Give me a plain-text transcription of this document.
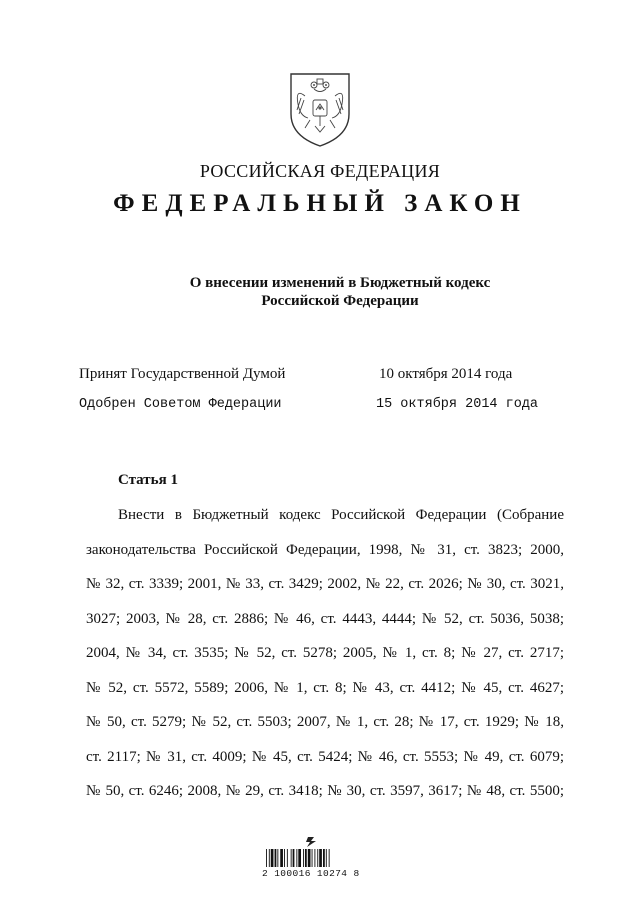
РОССИЙСКАЯ ФЕДЕРАЦИЯ
ФЕДЕРАЛЬНЫЙ ЗАКОН
О внесении изменений в Бюджетный кодекс
Российской Федерации
Принят Государственной Думой	10 октября 2014 года
Одобрен Советом Федерации	15 октября 2014 года
Статья 1
Внести в Бюджетный кодекс Российской Федерации (Собрание
законодательства Российской Федерации, 1998, № 31, ст. 3823; 2000,
№ 32, ст. 3339; 2001, № 33, ст. 3429; 2002, № 22, ст. 2026; № 30, ст. 3021,
3027; 2003, № 28, ст. 2886; № 46, ст. 4443, 4444; № 52, ст. 5036, 5038;
2004, № 34, ст. 3535; № 52, ст. 5278; 2005, № 1, ст. 8; № 27, ст. 2717;
№ 52, ст. 5572, 5589; 2006, № 1, ст. 8; № 43, ст. 4412; № 45, ст. 4627;
№ 50, ст. 5279; № 52, ст. 5503; 2007, № 1, ст. 28; № 17, ст. 1929; № 18,
ст. 2117; № 31, ст. 4009; № 45, ст. 5424; № 46, ст. 5553; № 49, ст. 6079;
№ 50, ст. 6246; 2008, № 29, ст. 3418; № 30, ст. 3597, 3617; № 48, ст. 5500;
2 100016 10274 8
